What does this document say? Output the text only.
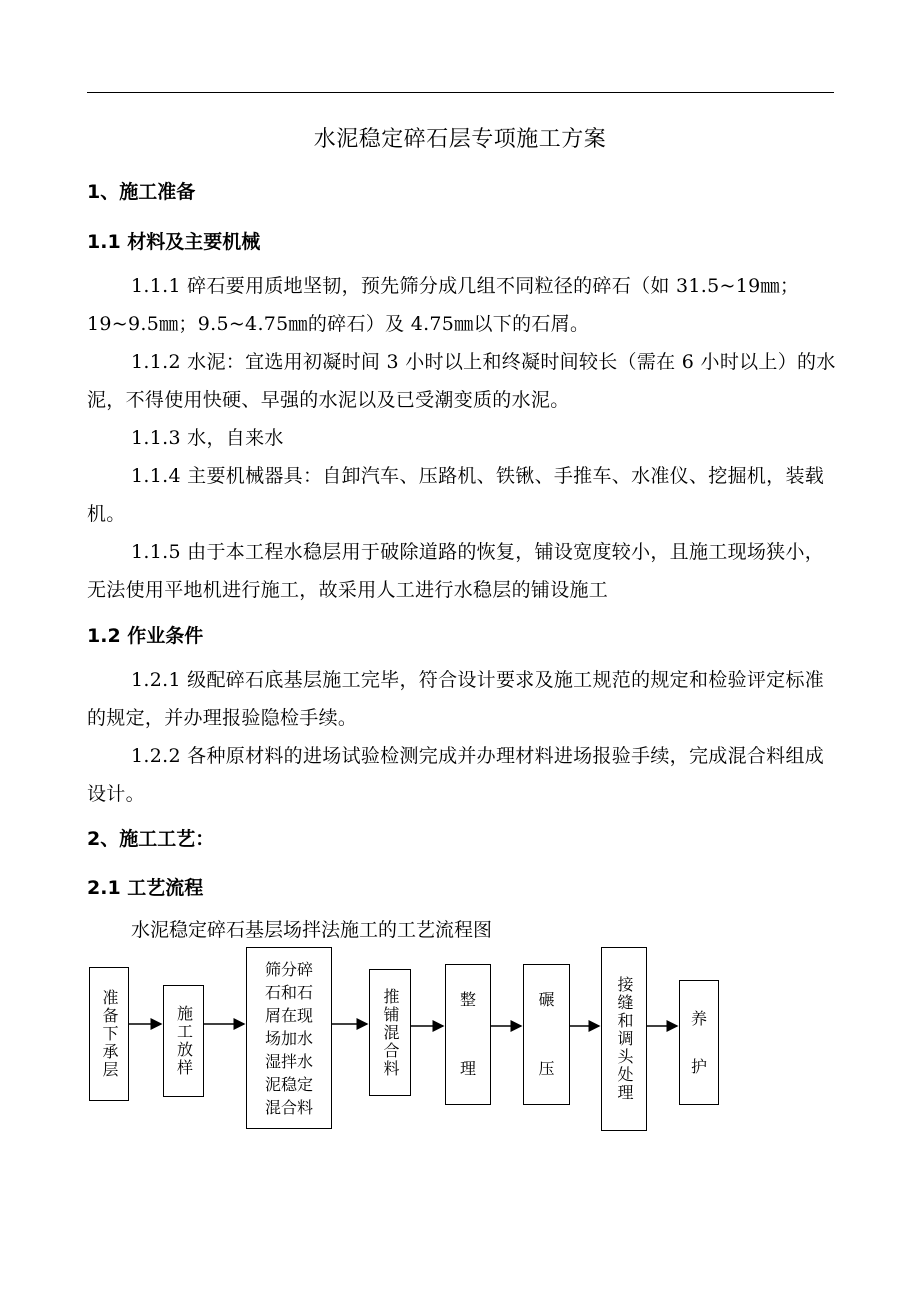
水泥稳定碎石层专项施工方案
1、施工准备
1.1 材料及主要机械
1.1.1 碎石要用质地坚韧，预先筛分成几组不同粒径的碎石（如 31.5~19㎜；19~9.5㎜；9.5~4.75㎜的碎石）及 4.75㎜以下的石屑。
1.1.2 水泥：宜选用初凝时间 3 小时以上和终凝时间较长（需在 6 小时以上）的水泥，不得使用快硬、早强的水泥以及已受潮变质的水泥。
1.1.3 水，自来水
1.1.4 主要机械器具：自卸汽车、压路机、铁锹、手推车、水准仪、挖掘机，装载机。
1.1.5 由于本工程水稳层用于破除道路的恢复，铺设宽度较小，且施工现场狭小，无法使用平地机进行施工，故采用人工进行水稳层的铺设施工
1.2 作业条件
1.2.1 级配碎石底基层施工完毕，符合设计要求及施工规范的规定和检验评定标准的规定，并办理报验隐检手续。
1.2.2 各种原材料的进场试验检测完成并办理材料进场报验手续，完成混合料组成设计。
2、施工工艺：
2.1 工艺流程
水泥稳定碎石基层场拌法施工的工艺流程图
准备下承层	施工放样
筛分碎
石和石
屑在现
场加水
湿拌水
泥稳定
混合料
推铺混合料	整
理
碾
压	接缝和调头处理	养
护
